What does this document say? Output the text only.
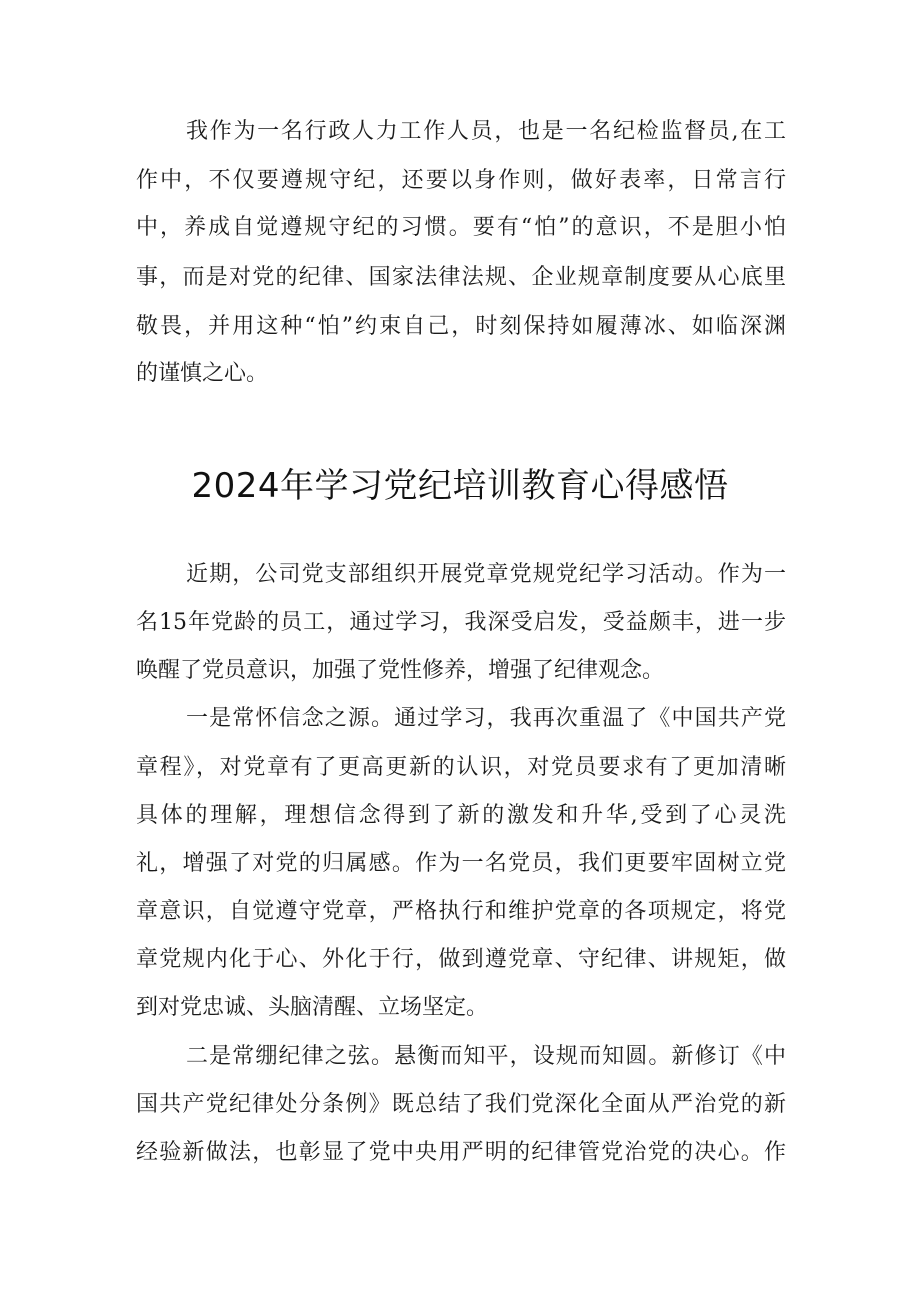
我作为一名行政人力工作人员，也是一名纪检监督员,在工
作中，不仅要遵规守纪，还要以身作则，做好表率，日常言行
中，养成自觉遵规守纪的习惯。要有“怕”的意识，不是胆小怕
事，而是对党的纪律、国家法律法规、企业规章制度要从心底里
敬畏，并用这种“怕”约束自己，时刻保持如履薄冰、如临深渊
的谨慎之心。
2024年学习党纪培训教育心得感悟
近期，公司党支部组织开展党章党规党纪学习活动。作为一
名15年党龄的员工，通过学习，我深受启发，受益颇丰，进一步
唤醒了党员意识，加强了党性修养，增强了纪律观念。
一是常怀信念之源。通过学习，我再次重温了《中国共产党
章程》，对党章有了更高更新的认识，对党员要求有了更加清晰
具体的理解，理想信念得到了新的激发和升华,受到了心灵洗
礼，增强了对党的归属感。作为一名党员，我们更要牢固树立党
章意识，自觉遵守党章，严格执行和维护党章的各项规定，将党
章党规内化于心、外化于行，做到遵党章、守纪律、讲规矩，做
到对党忠诚、头脑清醒、立场坚定。
二是常绷纪律之弦。悬衡而知平，设规而知圆。新修订《中
国共产党纪律处分条例》既总结了我们党深化全面从严治党的新
经验新做法，也彰显了党中央用严明的纪律管党治党的决心。作
